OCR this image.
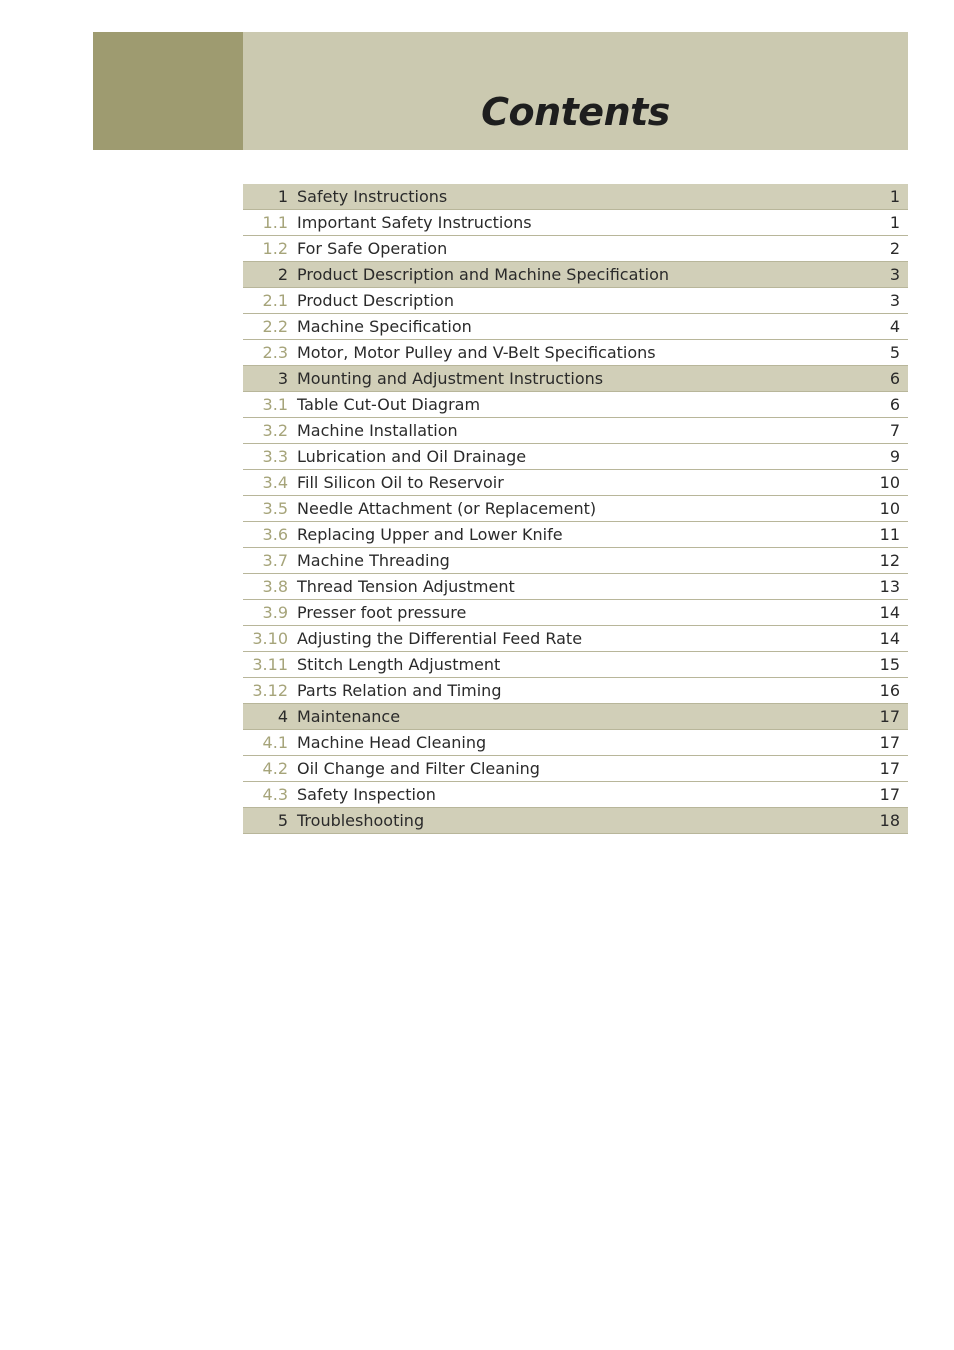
Contents
1 Safety Instructions	1
1.1 Important Safety Instructions	1
1.2 For Safe Operation	2
2 Product Description and Machine Specification	3
2.1 Product Description	3
2.2 Machine Specification	4
2.3 Motor, Motor Pulley and V-Belt Specifications	5
3 Mounting and Adjustment Instructions	6
3.1 Table Cut-Out Diagram	6
3.2 Machine Installation	7
3.3 Lubrication and Oil Drainage	9
3.4 Fill Silicon Oil to Reservoir	10
3.5 Needle Attachment (or Replacement)	10
3.6 Replacing Upper and Lower Knife	11
3.7 Machine Threading	12
3.8 Thread Tension Adjustment	13
3.9 Presser foot pressure	14
3.10 Adjusting the Differential Feed Rate	14
3.11 Stitch Length Adjustment	15
3.12 Parts Relation and Timing	16
4 Maintenance	17
4.1 Machine Head Cleaning	17
4.2 Oil Change and Filter Cleaning	17
4.3 Safety Inspection	17
5 Troubleshooting	18
